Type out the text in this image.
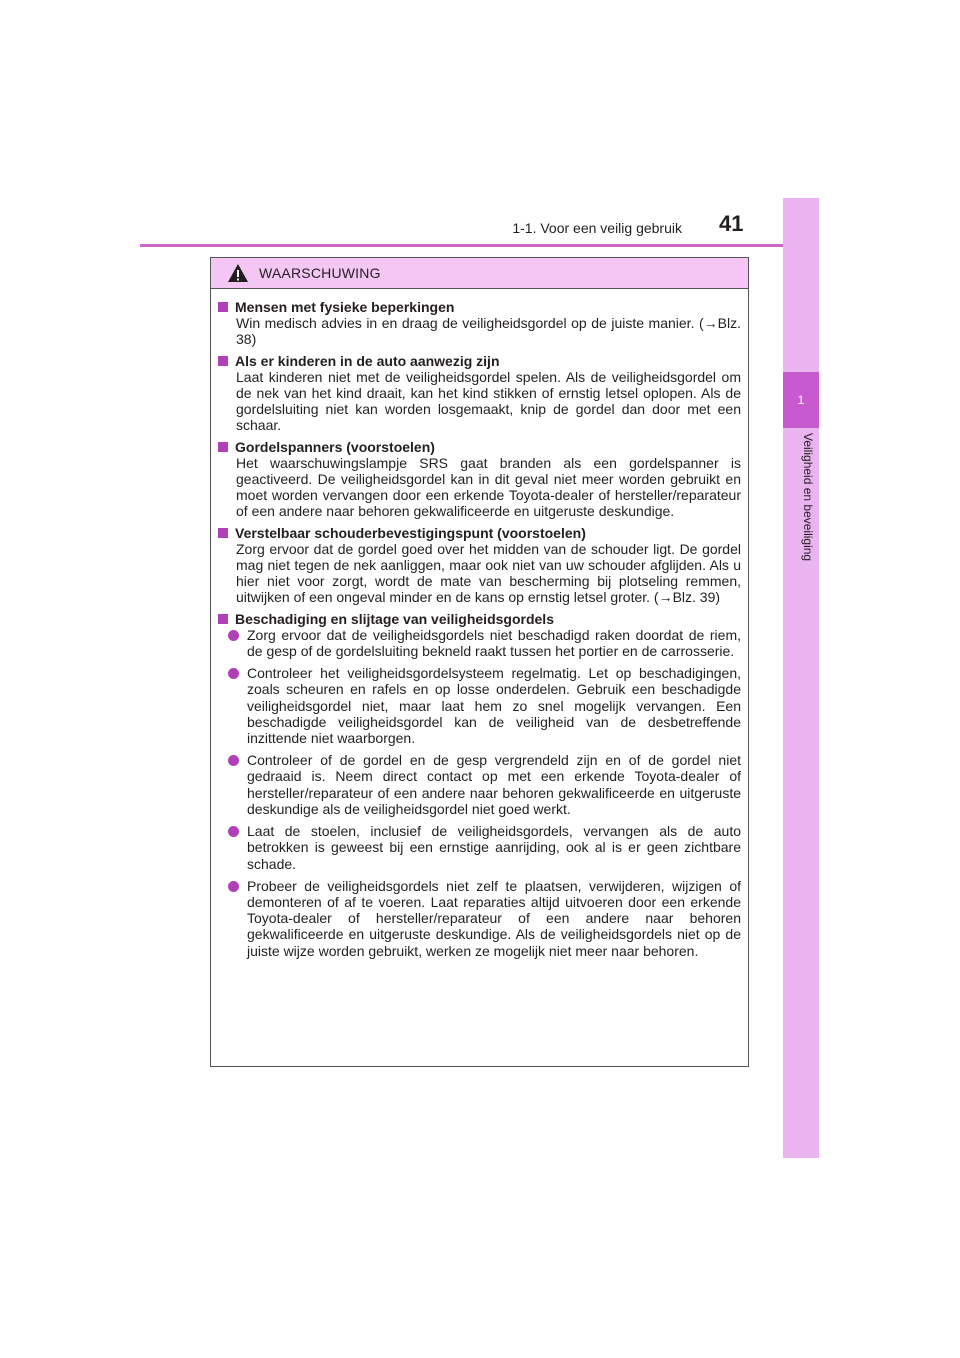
1-1. Voor een veilig gebruik 41
1
Veiligheid en beveiliging
WAARSCHUWING
Mensen met fysieke beperkingen
Win medisch advies in en draag de veiligheidsgordel op de juiste manier. (→Blz. 38)
Als er kinderen in de auto aanwezig zijn
Laat kinderen niet met de veiligheidsgordel spelen. Als de veiligheidsgordel om de nek van het kind draait, kan het kind stikken of ernstig letsel oplopen. Als de gordelsluiting niet kan worden losgemaakt, knip de gordel dan door met een schaar.
Gordelspanners (voorstoelen)
Het waarschuwingslampje SRS gaat branden als een gordelspanner is geactiveerd. De veiligheidsgordel kan in dit geval niet meer worden gebruikt en moet worden vervangen door een erkende Toyota-dealer of hersteller/reparateur of een andere naar behoren gekwalificeerde en uitgeruste deskundige.
Verstelbaar schouderbevestigingspunt (voorstoelen)
Zorg ervoor dat de gordel goed over het midden van de schouder ligt. De gordel mag niet tegen de nek aanliggen, maar ook niet van uw schouder afglijden. Als u hier niet voor zorgt, wordt de mate van bescherming bij plotseling remmen, uitwijken of een ongeval minder en de kans op ernstig letsel groter. (→Blz. 39)
Beschadiging en slijtage van veiligheidsgordels
Zorg ervoor dat de veiligheidsgordels niet beschadigd raken doordat de riem, de gesp of de gordelsluiting bekneld raakt tussen het portier en de carrosserie.
Controleer het veiligheidsgordelsysteem regelmatig. Let op beschadigingen, zoals scheuren en rafels en op losse onderdelen. Gebruik een beschadigde veiligheidsgordel niet, maar laat hem zo snel mogelijk vervangen. Een beschadigde veiligheidsgordel kan de veiligheid van de desbetreffende inzittende niet waarborgen.
Controleer of de gordel en de gesp vergrendeld zijn en of de gordel niet gedraaid is. Neem direct contact op met een erkende Toyota-dealer of hersteller/reparateur of een andere naar behoren gekwalificeerde en uitgeruste deskundige als de veiligheidsgordel niet goed werkt.
Laat de stoelen, inclusief de veiligheidsgordels, vervangen als de auto betrokken is geweest bij een ernstige aanrijding, ook al is er geen zichtbare schade.
Probeer de veiligheidsgordels niet zelf te plaatsen, verwijderen, wijzigen of demonteren of af te voeren. Laat reparaties altijd uitvoeren door een erkende Toyota-dealer of hersteller/reparateur of een andere naar behoren gekwalificeerde en uitgeruste deskundige. Als de veiligheidsgordels niet op de juiste wijze worden gebruikt, werken ze mogelijk niet meer naar behoren.
